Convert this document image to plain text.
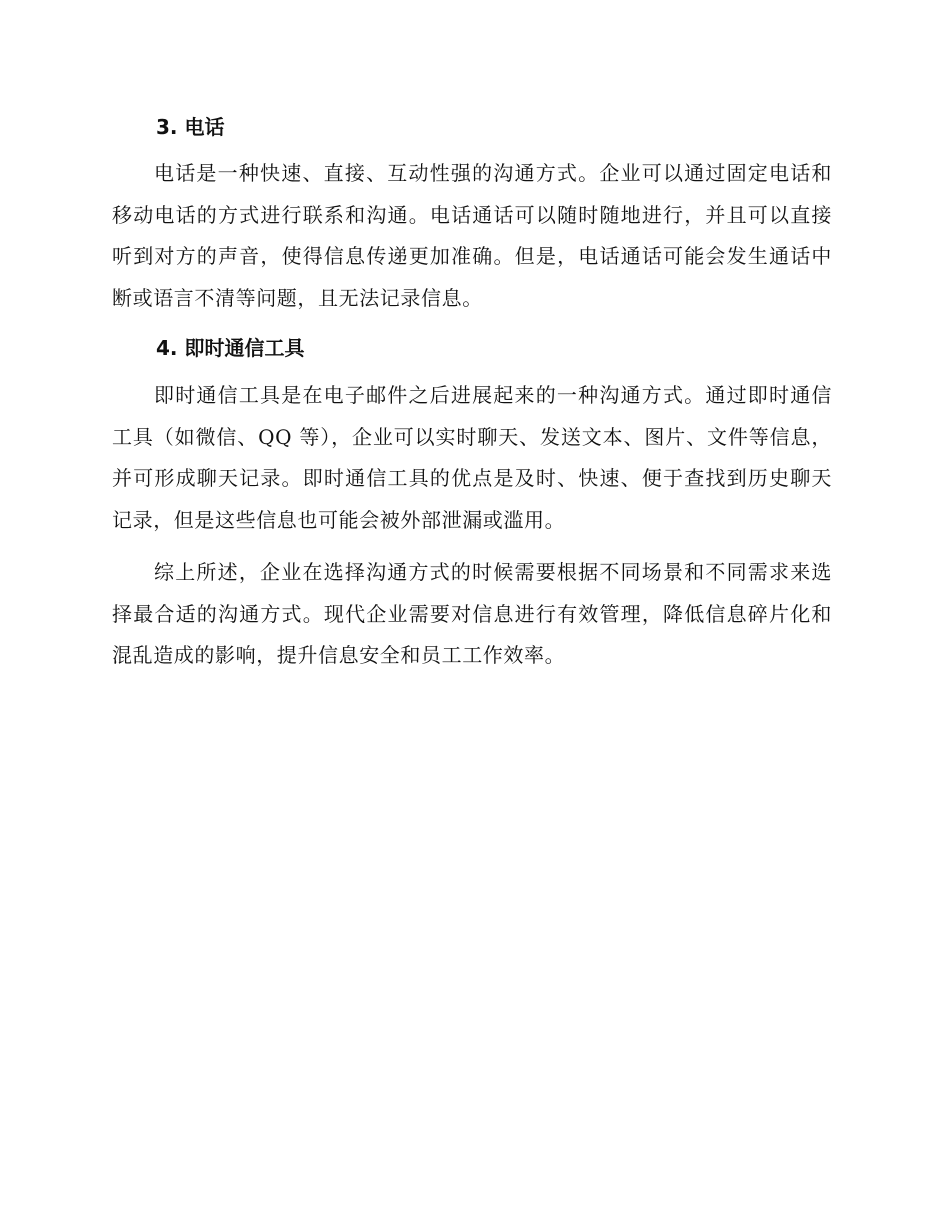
3. 电话

电话是一种快速、直接、互动性强的沟通方式。企业可以通过固定电话和移动电话的方式进行联系和沟通。电话通话可以随时随地进行，并且可以直接听到对方的声音，使得信息传递更加准确。但是，电话通话可能会发生通话中断或语言不清等问题，且无法记录信息。

4. 即时通信工具

即时通信工具是在电子邮件之后进展起来的一种沟通方式。通过即时通信工具（如微信、QQ 等），企业可以实时聊天、发送文本、图片、文件等信息，并可形成聊天记录。即时通信工具的优点是及时、快速、便于查找到历史聊天记录，但是这些信息也可能会被外部泄漏或滥用。

综上所述，企业在选择沟通方式的时候需要根据不同场景和不同需求来选择最合适的沟通方式。现代企业需要对信息进行有效管理，降低信息碎片化和混乱造成的影响，提升信息安全和员工工作效率。
